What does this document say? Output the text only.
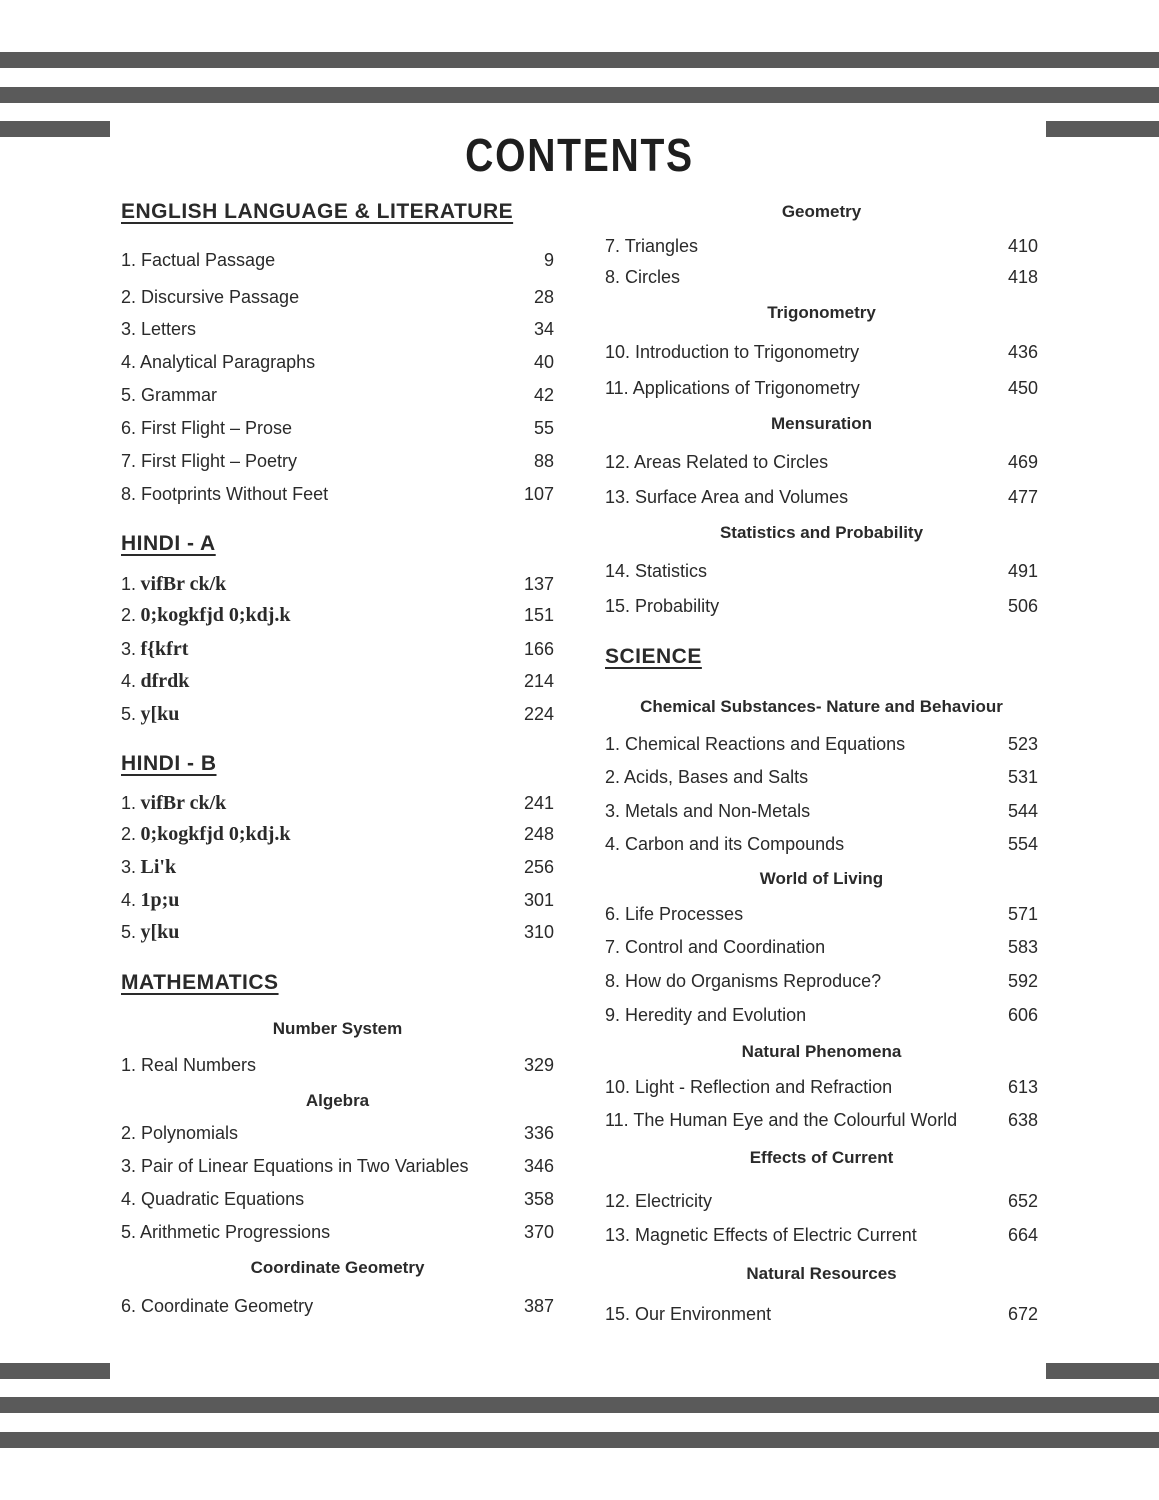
CONTENTS
ENGLISH LANGUAGE & LITERATURE
1. Factual Passage	9
2. Discursive Passage	28
3. Letters	34
4. Analytical Paragraphs	40
5. Grammar	42
6. First Flight – Prose	55
7. First Flight – Poetry	88
8. Footprints Without Feet	107
HINDI - A
1. vifBr ck/k	137
2. 0;kogkfjd 0;kdj.k	151
3. f{kfrt	166
4. dfrdk	214
5. y[ku	224
HINDI - B
1. vifBr ck/k	241
2. 0;kogkfjd 0;kdj.k	248
3. Li'k	256
4. 1p;u	301
5. y[ku	310
MATHEMATICS
Number System
1. Real Numbers	329
Algebra
2. Polynomials	336
3. Pair of Linear Equations in Two Variables	346
4. Quadratic Equations	358
5. Arithmetic Progressions	370
Coordinate Geometry
6. Coordinate Geometry	387
Geometry
7. Triangles	410
8. Circles	418
Trigonometry
10. Introduction to Trigonometry	436
11. Applications of Trigonometry	450
Mensuration
12. Areas Related to Circles	469
13. Surface Area and Volumes	477
Statistics and Probability
14. Statistics	491
15. Probability	506
SCIENCE
Chemical Substances- Nature and Behaviour
1. Chemical Reactions and Equations	523
2. Acids, Bases and Salts	531
3. Metals and Non-Metals	544
4. Carbon and its Compounds	554
World of Living
6. Life Processes	571
7. Control and Coordination	583
8. How do Organisms Reproduce?	592
9. Heredity and Evolution	606
Natural Phenomena
10. Light - Reflection and Refraction	613
11. The Human Eye and the Colourful World	638
Effects of Current
12. Electricity	652
13. Magnetic Effects of Electric Current	664
Natural Resources
15. Our Environment	672
